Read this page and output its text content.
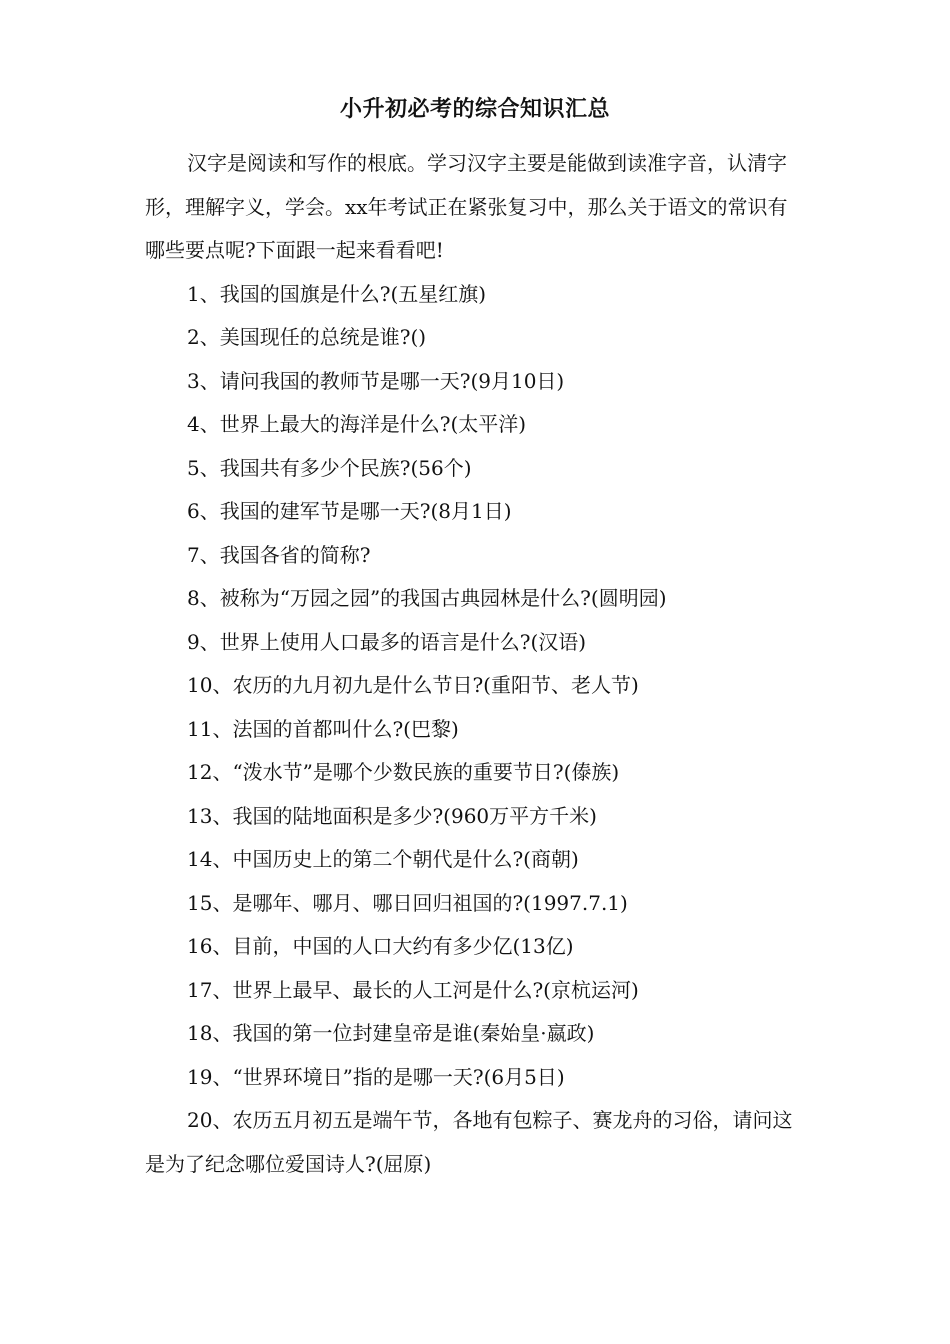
小升初必考的综合知识汇总

汉字是阅读和写作的根底。学习汉字主要是能做到读准字音，认清字形，理解字义，学会。xx年考试正在紧张复习中，那么关于语文的常识有哪些要点呢?下面跟一起来看看吧!

1、我国的国旗是什么?(五星红旗)

2、美国现任的总统是谁?()

3、请问我国的教师节是哪一天?(9月10日)

4、世界上最大的海洋是什么?(太平洋)

5、我国共有多少个民族?(56个)

6、我国的建军节是哪一天?(8月1日)

7、我国各省的简称?

8、被称为“万园之园”的我国古典园林是什么?(圆明园)

9、世界上使用人口最多的语言是什么?(汉语)

10、农历的九月初九是什么节日?(重阳节、老人节)

11、法国的首都叫什么?(巴黎)

12、“泼水节”是哪个少数民族的重要节日?(傣族)

13、我国的陆地面积是多少?(960万平方千米)

14、中国历史上的第二个朝代是什么?(商朝)

15、是哪年、哪月、哪日回归祖国的?(1997.7.1)

16、目前，中国的人口大约有多少亿(13亿)

17、世界上最早、最长的人工河是什么?(京杭运河)

18、我国的第一位封建皇帝是谁(秦始皇·嬴政)

19、“世界环境日”指的是哪一天?(6月5日)

20、农历五月初五是端午节，各地有包粽子、赛龙舟的习俗，请问这是为了纪念哪位爱国诗人?(屈原)
